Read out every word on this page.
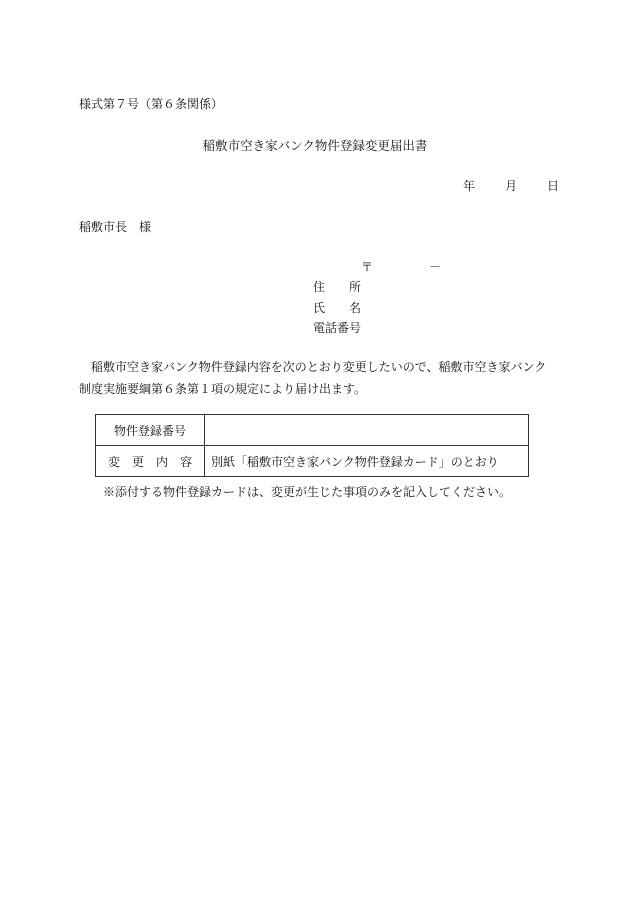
様式第７号（第６条関係）
稲敷市空き家バンク物件登録変更届出書
年	月	日
稲敷市長　様
〒	－
住　　所
氏　　名
電話番号
稲敷市空き家バンク物件登録内容を次のとおり変更したいので、稲敷市空き家バンク制度実施要綱第６条第１項の規定により届け出ます。
物件登録番号	
変　更　内　容	別紙「稲敷市空き家バンク物件登録カード」のとおり
※添付する物件登録カードは、変更が生じた事項のみを記入してください。
